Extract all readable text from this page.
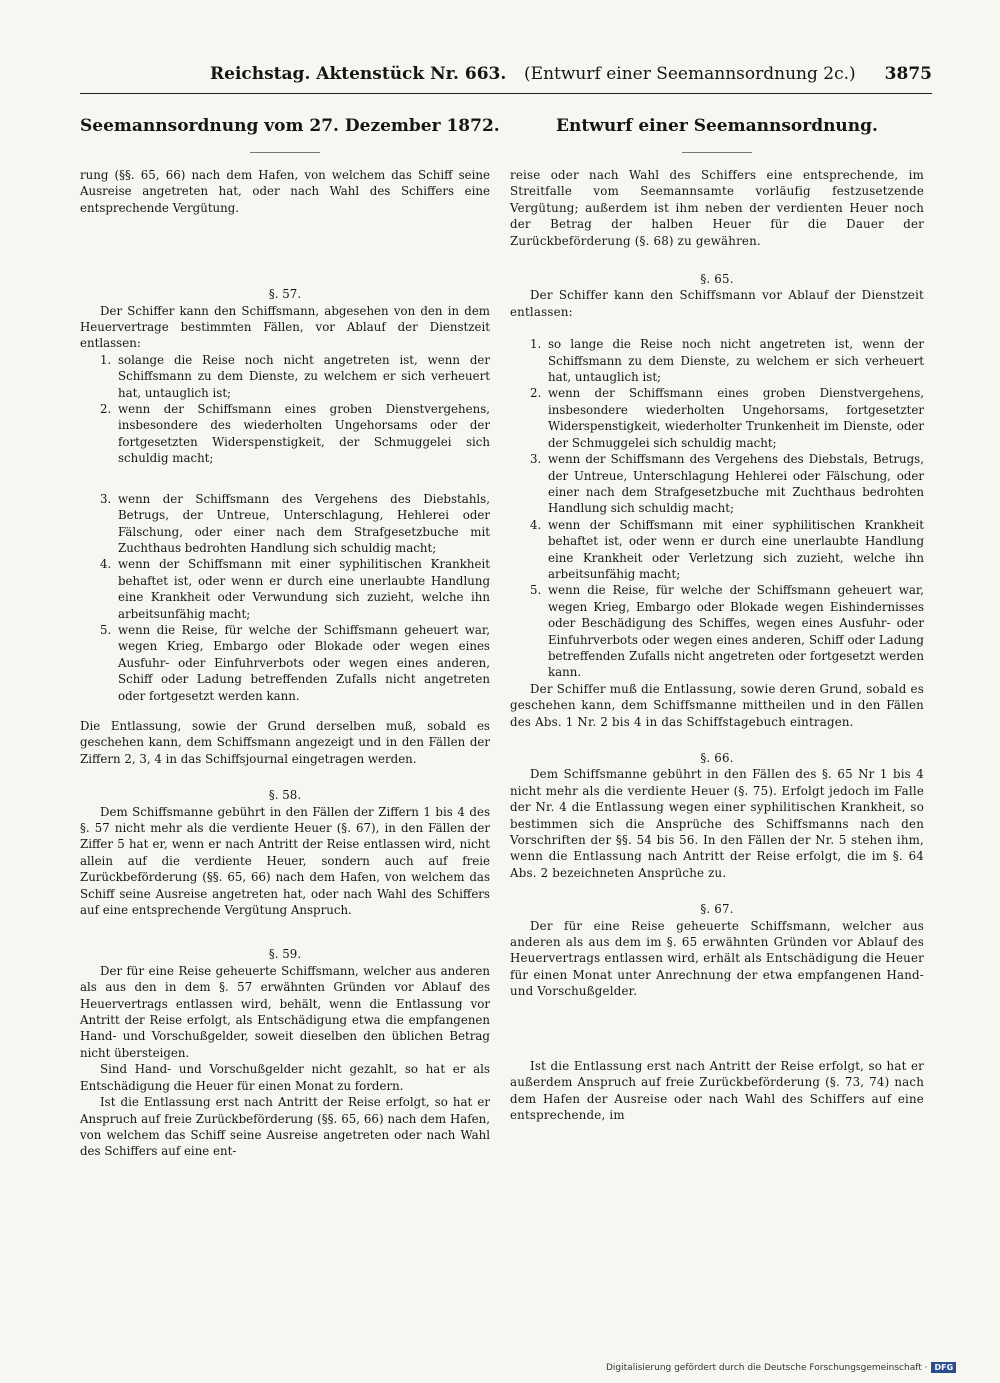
Reichstag. Aktenstück Nr. 663. (Entwurf einer Seemannsordnung 2c.) 3875
Seemannsordnung vom 27. Dezember 1872.

rung (§§. 65, 66) nach dem Hafen, von welchem das Schiff seine Ausreise angetreten hat, oder nach Wahl des Schiffers eine entsprechende Vergütung.

§. 57.

Der Schiffer kann den Schiffsmann, abgesehen von den in dem Heuervertrage bestimmten Fällen, vor Ablauf der Dienstzeit entlassen:

1. solange die Reise noch nicht angetreten ist, wenn der Schiffsmann zu dem Dienste, zu welchem er sich verheuert hat, untauglich ist;
2. wenn der Schiffsmann eines groben Dienstvergehens, insbesondere des wiederholten Ungehorsams oder der fortgesetzten Widerspenstigkeit, der Schmuggelei sich schuldig macht;
3. wenn der Schiffsmann des Vergehens des Diebstahls, Betrugs, der Untreue, Unterschlagung, Hehlerei oder Fälschung, oder einer nach dem Strafgesetzbuche mit Zuchthaus bedrohten Handlung sich schuldig macht;
4. wenn der Schiffsmann mit einer syphilitischen Krankheit behaftet ist, oder wenn er durch eine unerlaubte Handlung eine Krankheit oder Verwundung sich zuzieht, welche ihn arbeitsunfähig macht;
5. wenn die Reise, für welche der Schiffsmann geheuert war, wegen Krieg, Embargo oder Blokade oder wegen eines Ausfuhr- oder Einfuhrverbots oder wegen eines anderen, Schiff oder Ladung betreffenden Zufalls nicht angetreten oder fortgesetzt werden kann.

Die Entlassung, sowie der Grund derselben muß, sobald es geschehen kann, dem Schiffsmann angezeigt und in den Fällen der Ziffern 2, 3, 4 in das Schiffsjournal eingetragen werden.

§. 58.

Dem Schiffsmanne gebührt in den Fällen der Ziffern 1 bis 4 des §. 57 nicht mehr als die verdiente Heuer (§. 67), in den Fällen der Ziffer 5 hat er, wenn er nach Antritt der Reise entlassen wird, nicht allein auf die verdiente Heuer, sondern auch auf freie Zurückbeförderung (§§. 65, 66) nach dem Hafen, von welchem das Schiff seine Ausreise angetreten hat, oder nach Wahl des Schiffers auf eine entsprechende Vergütung Anspruch.

§. 59.

Der für eine Reise geheuerte Schiffsmann, welcher aus anderen als aus den in dem §. 57 erwähnten Gründen vor Ablauf des Heuervertrags entlassen wird, behält, wenn die Entlassung vor Antritt der Reise erfolgt, als Entschädigung etwa die empfangenen Hand- und Vorschußgelder, soweit dieselben den üblichen Betrag nicht übersteigen.

Sind Hand- und Vorschußgelder nicht gezahlt, so hat er als Entschädigung die Heuer für einen Monat zu fordern.

Ist die Entlassung erst nach Antritt der Reise erfolgt, so hat er Anspruch auf freie Zurückbeförderung (§§. 65, 66) nach dem Hafen, von welchem das Schiff seine Ausreise angetreten oder nach Wahl des Schiffers auf eine ent-

Entwurf einer Seemannsordnung.

reise oder nach Wahl des Schiffers eine entsprechende, im Streitfalle vom Seemannsamte vorläufig festzusetzende Vergütung; außerdem ist ihm neben der verdienten Heuer noch der Betrag der halben Heuer für die Dauer der Zurückbeförderung (§. 68) zu gewähren.

§. 65.

Der Schiffer kann den Schiffsmann vor Ablauf der Dienstzeit entlassen:

1. so lange die Reise noch nicht angetreten ist, wenn der Schiffsmann zu dem Dienste, zu welchem er sich verheuert hat, untauglich ist;
2. wenn der Schiffsmann eines groben Dienstvergehens, insbesondere wiederholten Ungehorsams, fortgesetzter Widerspenstigkeit, wiederholter Trunkenheit im Dienste, oder der Schmuggelei sich schuldig macht;
3. wenn der Schiffsmann des Vergehens des Diebstals, Betrugs, der Untreue, Unterschlagung Hehlerei oder Fälschung, oder einer nach dem Strafgesetzbuche mit Zuchthaus bedrohten Handlung sich schuldig macht;
4. wenn der Schiffsmann mit einer syphilitischen Krankheit behaftet ist, oder wenn er durch eine unerlaubte Handlung eine Krankheit oder Verletzung sich zuzieht, welche ihn arbeitsunfähig macht;
5. wenn die Reise, für welche der Schiffsmann geheuert war, wegen Krieg, Embargo oder Blokade wegen Eishindernisses oder Beschädigung des Schiffes, wegen eines Ausfuhr- oder Einfuhrverbots oder wegen eines anderen, Schiff oder Ladung betreffenden Zufalls nicht angetreten oder fortgesetzt werden kann.

Der Schiffer muß die Entlassung, sowie deren Grund, sobald es geschehen kann, dem Schiffsmanne mittheilen und in den Fällen des Abs. 1 Nr. 2 bis 4 in das Schiffstagebuch eintragen.

§. 66.

Dem Schiffsmanne gebührt in den Fällen des §. 65 Nr 1 bis 4 nicht mehr als die verdiente Heuer (§. 75). Erfolgt jedoch im Falle der Nr. 4 die Entlassung wegen einer syphilitischen Krankheit, so bestimmen sich die Ansprüche des Schiffsmanns nach den Vorschriften der §§. 54 bis 56. In den Fällen der Nr. 5 stehen ihm, wenn die Entlassung nach Antritt der Reise erfolgt, die im §. 64 Abs. 2 bezeichneten Ansprüche zu.

§. 67.

Der für eine Reise geheuerte Schiffsmann, welcher aus anderen als aus dem im §. 65 erwähnten Gründen vor Ablauf des Heuervertrags entlassen wird, erhält als Entschädigung die Heuer für einen Monat unter Anrechnung der etwa empfangenen Hand- und Vorschußgelder.

Ist die Entlassung erst nach Antritt der Reise erfolgt, so hat er außerdem Anspruch auf freie Zurückbeförderung (§. 73, 74) nach dem Hafen der Ausreise oder nach Wahl des Schiffers auf eine entsprechende, im

Digitalisierung gefördert durch die Deutsche Forschungsgemeinschaft · DFG
